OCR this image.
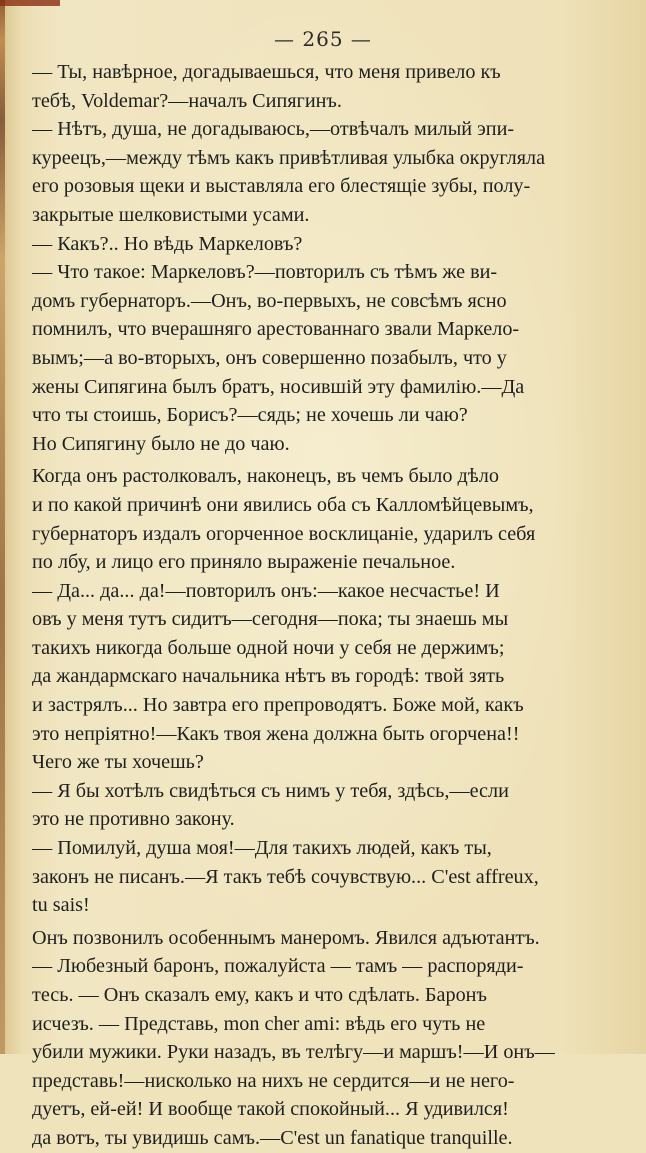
— 265 —
— Ты, навѣрное, догадываешься, что меня привело къ
тебѣ, Voldemar?—началъ Сипягинъ.
— Нѣтъ, душа, не догадываюсь,—отвѣчалъ милый эпи-
куреецъ,—между тѣмъ какъ привѣтливая улыбка округляла
его розовыя щеки и выставляла его блестящіе зубы, полу-
закрытые шелковистыми усами.
— Какъ?.. Но вѣдь Маркеловъ?
— Что такое: Маркеловъ?—повторилъ съ тѣмъ же ви-
домъ губернаторъ.—Онъ, во-первыхъ, не совсѣмъ ясно
помнилъ, что вчерашняго арестованнаго звали Маркело-
вымъ;—а во-вторыхъ, онъ совершенно позабылъ, что у
жены Сипягина былъ братъ, носившій эту фамилію.—Да
что ты стоишь, Борисъ?—сядь; не хочешь ли чаю?
Но Сипягину было не до чаю.
Когда онъ растолковалъ, наконецъ, въ чемъ было дѣло
и по какой причинѣ они явились оба съ Калломѣйцевымъ,
губернаторъ издалъ огорченное восклицаніе, ударилъ себя
по лбу, и лицо его приняло выраженіе печальное.
— Да... да... да!—повторилъ онъ:—какое несчастье! И
овъ у меня тутъ сидитъ—сегодня—пока; ты знаешь мы
такихъ никогда больше одной ночи у себя не держимъ;
да жандармскаго начальника нѣтъ въ городѣ: твой зять
и застрялъ... Но завтра его препроводятъ. Боже мой, какъ
это непріятно!—Какъ твоя жена должна быть огорчена!!
Чего же ты хочешь?
— Я бы хотѣлъ свидѣться съ нимъ у тебя, здѣсь,—если
это не противно закону.
— Помилуй, душа моя!—Для такихъ людей, какъ ты,
законъ не писанъ.—Я такъ тебѣ сочувствую... C'est affreux,
tu sais!
Онъ позвонилъ особеннымъ манеромъ. Явился адъютантъ.
— Любезный баронъ, пожалуйста — тамъ — распоряди-
тесь. — Онъ сказалъ ему, какъ и что сдѣлать. Баронъ
исчезъ. — Представь, mon cher ami: вѣдь его чуть не
убили мужики. Руки назадъ, въ телѣгу—и маршъ!—И онъ—
представь!—нисколько на нихъ не сердится—и не него-
дуетъ, ей-ей! И вообще такой спокойный... Я удивился!
да вотъ, ты увидишь самъ.—C'est un fanatique tranquille.
